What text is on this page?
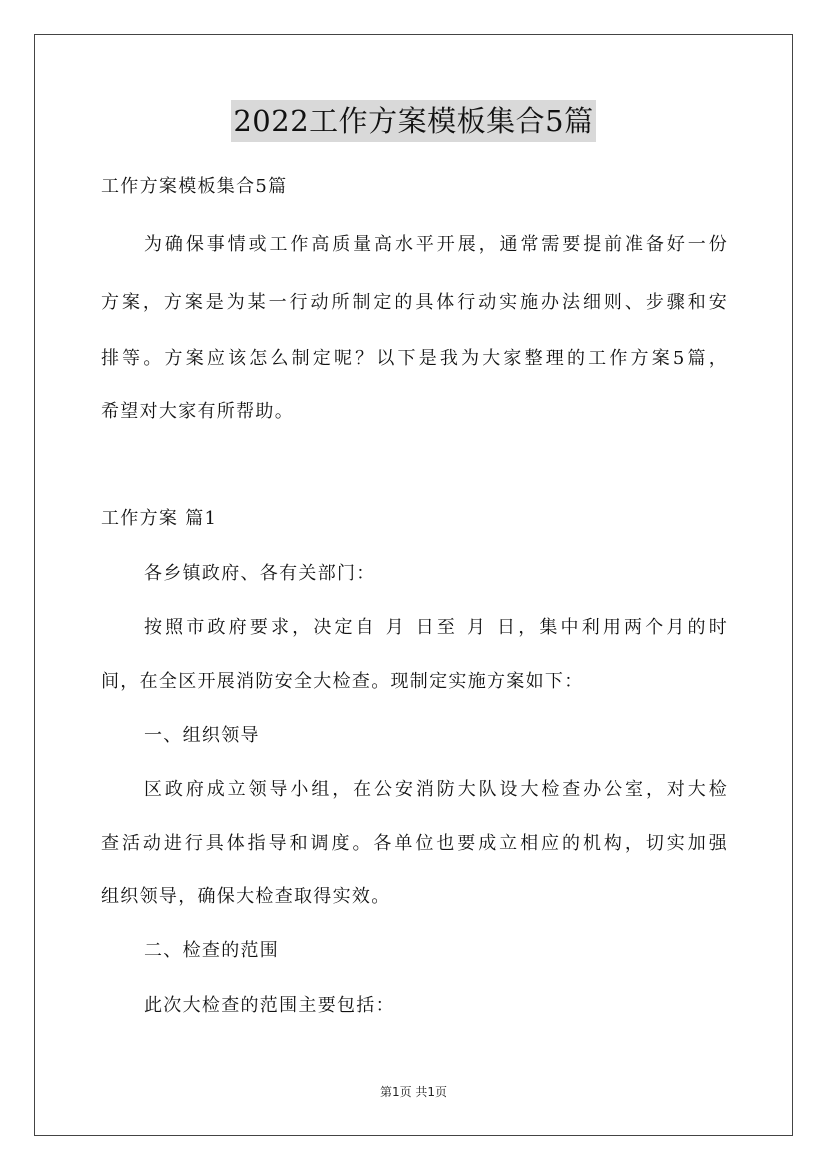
2022工作方案模板集合5篇
工作方案模板集合5篇
为确保事情或工作高质量高水平开展，通常需要提前准备好一份
方案，方案是为某一行动所制定的具体行动实施办法细则、步骤和安
排等。方案应该怎么制定呢？以下是我为大家整理的工作方案5篇，
希望对大家有所帮助。
工作方案 篇1
各乡镇政府、各有关部门：
按照市政府要求，决定自 月 日至 月 日，集中利用两个月的时
间，在全区开展消防安全大检查。现制定实施方案如下：
一、组织领导
区政府成立领导小组，在公安消防大队设大检查办公室，对大检
查活动进行具体指导和调度。各单位也要成立相应的机构，切实加强
组织领导，确保大检查取得实效。
二、检查的范围
此次大检查的范围主要包括：
第1页 共1页
